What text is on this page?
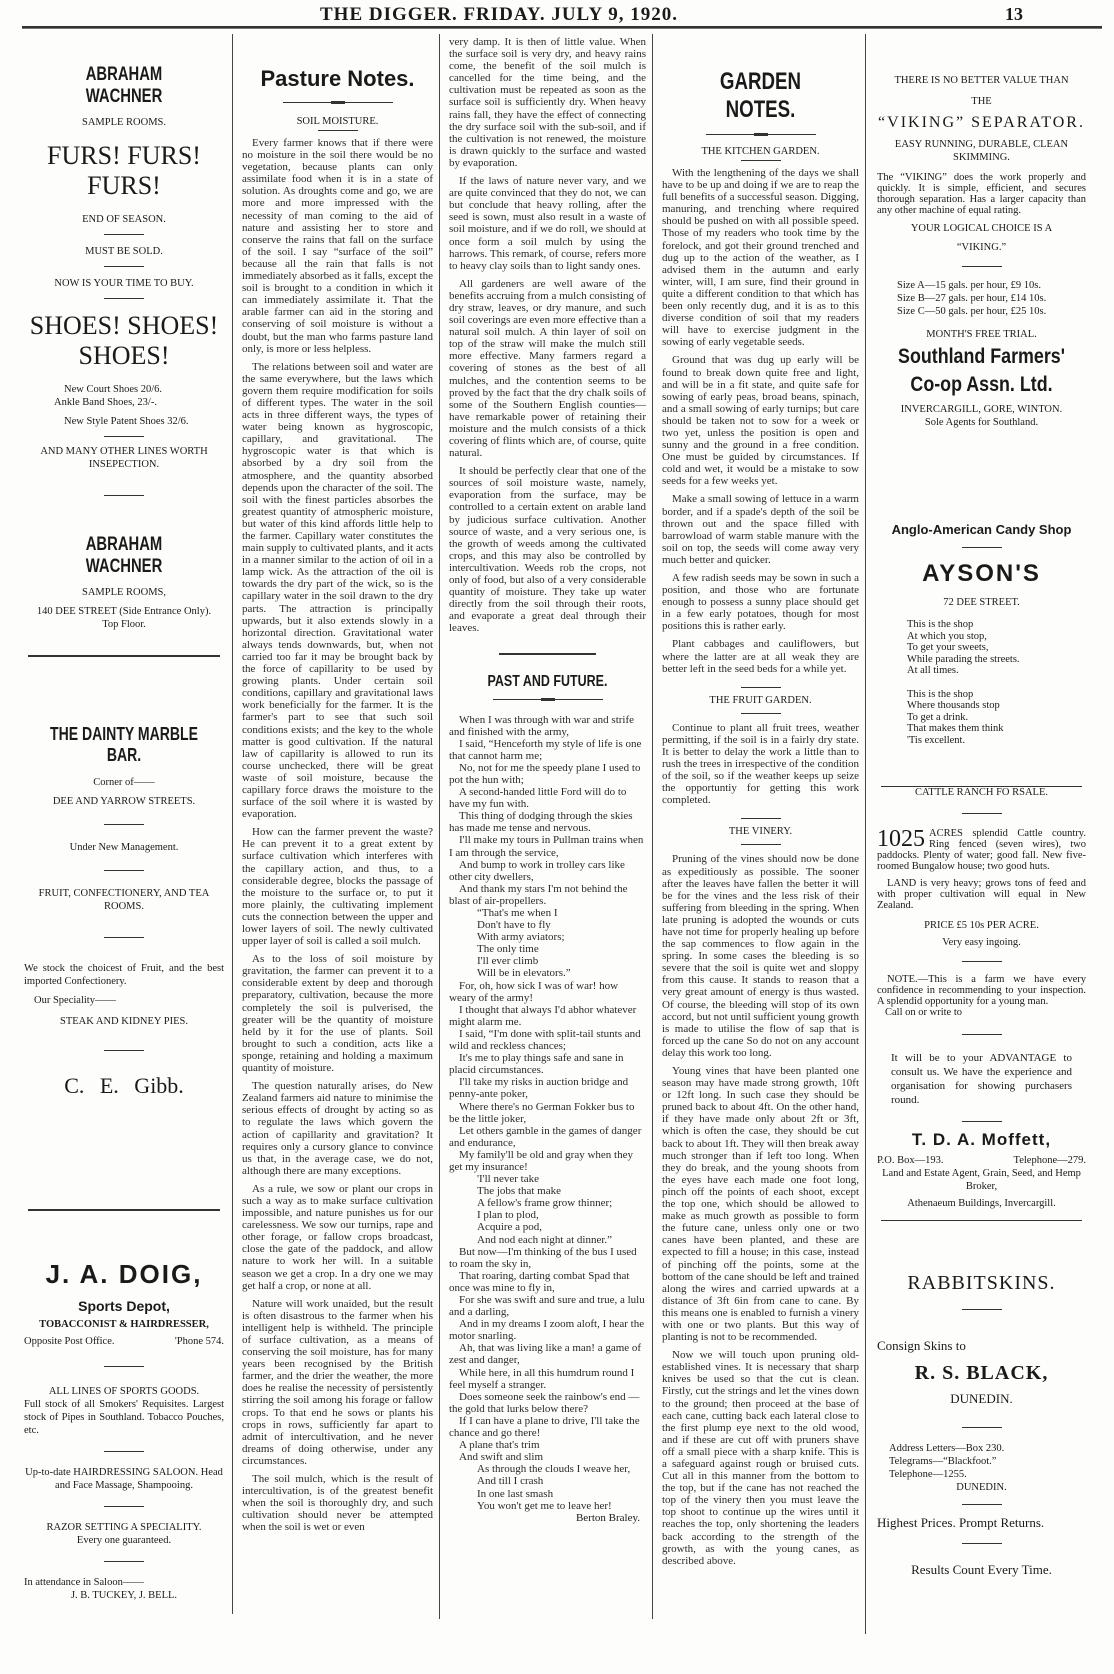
THE DIGGER. FRIDAY. JULY 9, 1920.	13
ABRAHAM WACHNER
SAMPLE ROOMS.
FURS! FURS!
FURS!
END OF SEASON.
MUST BE SOLD.
NOW IS YOUR TIME TO BUY.
SHOES! SHOES!
SHOES!
New Court Shoes 20/6.
Ankle Band Shoes, 23/-.
New Style Patent Shoes 32/6.
AND MANY OTHER LINES WORTH INSEPECTION.
ABRAHAM WACHNER
SAMPLE ROOMS,
140 DEE STREET (Side Entrance Only).
Top Floor.
THE DAINTY MARBLE BAR.
Corner of——
DEE AND YARROW STREETS.
Under New Management.
FRUIT, CONFECTIONERY, AND TEA ROOMS.
We stock the choicest of Fruit, and the best imported Confectionery.
Our Speciality——
STEAK AND KIDNEY PIES.
C. E. Gibb.
J. A. DOIG,
Sports Depot,
TOBACCONIST & HAIRDRESSER,
Opposite Post Office.	'Phone 574.
ALL LINES OF SPORTS GOODS.
Full stock of all Smokers' Requisites. Largest stock of Pipes in Southland. Tobacco Pouches, etc.
Up-to-date HAIRDRESSING SALOON. Head and Face Massage, Shampooing.
RAZOR SETTING A SPECIALITY.
Every one guaranteed.
In attendance in Saloon——
J. B. TUCKEY, J. BELL.
Pasture Notes.
SOIL MOISTURE.

Every farmer knows that if there were no moisture in the soil there would be no vegetation, because plants can only assimilate food when it is in a state of solution. As droughts come and go, we are more and more impressed with the necessity of man coming to the aid of nature and assisting her to store and conserve the rains that fall on the surface of the soil. I say “surface of the soil” because all the rain that falls is not immediately absorbed as it falls, except the soil is brought to a condition in which it can immediately assimilate it. That the arable farmer can aid in the storing and conserving of soil moisture is without a doubt, but the man who farms pasture land only, is more or less helpless.

The relations between soil and water are the same everywhere, but the laws which govern them require modification for soils of different types. The water in the soil acts in three different ways, the types of water being known as hygroscopic, capillary, and gravitational. The hygroscopic water is that which is absorbed by a dry soil from the atmosphere, and the quantity absorbed depends upon the character of the soil. The soil with the finest particles absorbes the greatest quantity of atmospheric moisture, but water of this kind affords little help to the farmer. Capillary water constitutes the main supply to cultivated plants, and it acts in a manner similar to the action of oil in a lamp wick. As the attraction of the oil is towards the dry part of the wick, so is the capillary water in the soil drawn to the dry parts. The attraction is principally upwards, but it also extends slowly in a horizontal direction. Gravitational water always tends downwards, but, when not carried too far it may be brought back by the force of capillarity to be used by growing plants. Under certain soil conditions, capillary and gravitational laws work beneficially for the farmer. It is the farmer's part to see that such soil conditions exists; and the key to the whole matter is good cultivation. If the natural law of capillarity is allowed to run its course unchecked, there will be great waste of soil moisture, because the capillary force draws the moisture to the surface of the soil where it is wasted by evaporation.

How can the farmer prevent the waste? He can prevent it to a great extent by surface cultivation which interferes with the capillary action, and thus, to a considerable degree, blocks the passage of the moisture to the surface or, to put it more plainly, the cultivating implement cuts the connection between the upper and lower layers of soil. The newly cultivated upper layer of soil is called a soil mulch.

As to the loss of soil moisture by gravitation, the farmer can prevent it to a considerable extent by deep and thorough preparatory, cultivation, because the more completely the soil is pulverised, the greater will be the quantity of moisture held by it for the use of plants. Soil brought to such a condition, acts like a sponge, retaining and holding a maximum quantity of moisture.

The question naturally arises, do New Zealand farmers aid nature to minimise the serious effects of drought by acting so as to regulate the laws which govern the action of capillarity and gravitation? It requires only a cursory glance to convince us that, in the average case, we do not, although there are many exceptions.

As a rule, we sow or plant our crops in such a way as to make surface cultivation impossible, and nature punishes us for our carelessness. We sow our turnips, rape and other forage, or fallow crops broadcast, close the gate of the paddock, and allow nature to work her will. In a suitable season we get a crop. In a dry one we may get half a crop, or none at all.

Nature will work unaided, but the result is often disastrous to the farmer when his intelligent help is withheld. The principle of surface cultivation, as a means of conserving the soil moisture, has for many years been recognised by the British farmer, and the drier the weather, the more does he realise the necessity of persistently stirring the soil among his forage or fallow crops. To that end he sows or plants his crops in rows, sufficiently far apart to admit of intercultivation, and he never dreams of doing otherwise, under any circumstances.

The soil mulch, which is the result of intercultivation, is of the greatest benefit when the soil is thoroughly dry, and such cultivation should never be attempted when the soil is wet or even

very damp. It is then of little value. When the surface soil is very dry, and heavy rains come, the benefit of the soil mulch is cancelled for the time being, and the cultivation must be repeated as soon as the surface soil is sufficiently dry. When heavy rains fall, they have the effect of connecting the dry surface soil with the sub-soil, and if the cultivation is not renewed, the moisture is drawn quickly to the surface and wasted by evaporation.

If the laws of nature never vary, and we are quite convinced that they do not, we can but conclude that heavy rolling, after the seed is sown, must also result in a waste of soil moisture, and if we do roll, we should at once form a soil mulch by using the harrows. This remark, of course, refers more to heavy clay soils than to light sandy ones.

All gardeners are well aware of the benefits accruing from a mulch consisting of dry straw, leaves, or dry manure, and such soil coverings are even more effective than a natural soil mulch. A thin layer of soil on top of the straw will make the mulch still more effective. Many farmers regard a covering of stones as the best of all mulches, and the contention seems to be proved by the fact that the dry chalk soils of some of the Southern English counties—have remarkable power of retaining their moisture and the mulch consists of a thick covering of flints which are, of course, quite natural.

It should be perfectly clear that one of the sources of soil moisture waste, namely, evaporation from the surface, may be controlled to a certain extent on arable land by judicious surface cultivation. Another source of waste, and a very serious one, is the growth of weeds among the cultivated crops, and this may also be controlled by intercultivation. Weeds rob the crops, not only of food, but also of a very considerable quantity of moisture. They take up water directly from the soil through their roots, and evaporate a great deal through their leaves.

PAST AND FUTURE.
When I was through with war and strife and finished with the army,
I said, “Henceforth my style of life is one that cannot harm me;
No, not for me the speedy plane I used to pot the hun with;
A second-handed little Ford will do to have my fun with.
This thing of dodging through the skies has made me tense and nervous.
I'll make my tours in Pullman trains when I am through the service,
And bump to work in trolley cars like other city dwellers,
And thank my stars I'm not behind the blast of air-propellers.
“That's me when I
Don't have to fly
With army aviators;
The only time
I'll ever climb
Will be in elevators.”
For, oh, how sick I was of war! how weary of the army!
I thought that always I'd abhor whatever might alarm me.
I said, “I'm done with split-tail stunts and wild and reckless chances;
It's me to play things safe and sane in placid circumstances.
I'll take my risks in auction bridge and penny-ante poker,
Where there's no German Fokker bus to be the little joker,
Let others gamble in the games of danger and endurance,
My family'll be old and gray when they get my insurance!
'I'll never take
The jobs that make
A fellow's frame grow thinner;
I plan to plod,
Acquire a pod,
And nod each night at dinner.”
But now—I'm thinking of the bus I used to roam the sky in,
That roaring, darting combat Spad that once was mine to fly in,
For she was swift and sure and true, a lulu and a darling,
And in my dreams I zoom aloft, I hear the motor snarling.
Ah, that was living like a man! a game of zest and danger,
While here, in all this humdrum round I feel myself a stranger.
Does someone seek the rainbow's end —the gold that lurks below there?
If I can have a plane to drive, I'll take the chance and go there!
A plane that's trim
And swift and slim
As through the clouds I weave her,
And till I crash
In one last smash
You won't get me to leave her!
Berton Braley.
GARDEN NOTES.
THE KITCHEN GARDEN.

With the lengthening of the days we shall have to be up and doing if we are to reap the full benefits of a successful season. Digging, manuring, and trenching where required should be pushed on with all possible speed. Those of my readers who took time by the forelock, and got their ground trenched and dug up to the action of the weather, as I advised them in the autumn and early winter, will, I am sure, find their ground in quite a different condition to that which has been only recently dug, and it is as to this diverse condition of soil that my readers will have to exercise judgment in the sowing of early vegetable seeds.

Ground that was dug up early will be found to break down quite free and light, and will be in a fit state, and quite safe for sowing of early peas, broad beans, spinach, and a small sowing of early turnips; but care should be taken not to sow for a week or two yet, unless the position is open and sunny and the ground in a free condition. One must be guided by circumstances. If cold and wet, it would be a mistake to sow seeds for a few weeks yet.

Make a small sowing of lettuce in a warm border, and if a spade's depth of the soil be thrown out and the space filled with barrowload of warm stable manure with the soil on top, the seeds will come away very much better and quicker.

A few radish seeds may be sown in such a position, and those who are fortunate enough to possess a sunny place should get in a few early potatoes, though for most positions this is rather early.

Plant cabbages and cauliflowers, but where the latter are at all weak they are better left in the seed beds for a while yet.

THE FRUIT GARDEN.

Continue to plant all fruit trees, weather permitting, if the soil is in a fairly dry state. It is better to delay the work a little than to rush the trees in irrespective of the condition of the soil, so if the weather keeps up seize the opportuntiy for getting this work completed.

THE VINERY.

Pruning of the vines should now be done as expeditiously as possible. The sooner after the leaves have fallen the better it will be for the vines and the less risk of their suffering from bleeding in the spring. When late pruning is adopted the wounds or cuts have not time for properly healing up before the sap commences to flow again in the spring. In some cases the bleeding is so severe that the soil is quite wet and sloppy from this cause. It stands to reason that a very great amount of energy is thus wasted. Of course, the bleeding will stop of its own accord, but not until sufficient young growth is made to utilise the flow of sap that is forced up the cane So do not on any account delay this work too long.

Young vines that have been planted one season may have made strong growth, 10ft or 12ft long. In such case they should be pruned back to about 4ft. On the other hand, if they have made only about 2ft or 3ft, which is often the case, they should be cut back to about 1ft. They will then break away much stronger than if left too long. When they do break, and the young shoots from the eyes have each made one foot long, pinch off the points of each shoot, except the top one, which should be allowed to make as much growth as possible to form the future cane, unless only one or two canes have been planted, and these are expected to fill a house; in this case, instead of pinching off the points, some at the bottom of the cane should be left and trained along the wires and carried upwards at a distance of 3ft 6in from cane to cane. By this means one is enabled to furnish a vinery with one or two plants. But this way of planting is not to be recommended.

Now we will touch upon pruning old-established vines. It is necessary that sharp knives be used so that the cut is clean. Firstly, cut the strings and let the vines down to the ground; then proceed at the base of each cane, cutting back each lateral close to the first plump eye next to the old wood, and if these are cut off with pruners shave off a small piece with a sharp knife. This is a safeguard against rough or bruised cuts. Cut all in this manner from the bottom to the top, but if the cane has not reached the top of the vinery then you must leave the top shoot to continue up the wires until it reaches the top, only shortening the leaders back according to the strength of the growth, as with the young canes, as described above.

THERE IS NO BETTER VALUE THAN
THE
“VIKING” SEPARATOR.
EASY RUNNING, DURABLE, CLEAN SKIMMING.
The “VIKING” does the work properly and quickly. It is simple, efficient, and secures thorough separation. Has a larger capacity than any other machine of equal rating.
YOUR LOGICAL CHOICE IS A
“VIKING.”
Size A—15 gals. per hour, £9 10s.
Size B—27 gals. per hour, £14 10s.
Size C—50 gals. per hour, £25 10s.
MONTH'S FREE TRIAL.
Southland Farmers'
Co-op Assn. Ltd.
INVERCARGILL, GORE, WINTON.
Sole Agents for Southland.
Anglo-American Candy Shop
AYSON'S
72 DEE STREET.
This is the shop
At which you stop,
To get your sweets,
While parading the streets.
At all times.
This is the shop
Where thousands stop
To get a drink.
That makes them think
'Tis excellent.
CATTLE RANCH FO RSALE.
1025 ACRES splendid Cattle country. Ring fenced (seven wires), two paddocks. Plenty of water; good fall. New five-roomed Bungalow house; two good huts.
LAND is very heavy; grows tons of feed and with proper cultivation will equal in New Zealand.
PRICE £5 10s PER ACRE.
Very easy ingoing.
NOTE.—This is a farm we have every confidence in recommending to your inspection. A splendid opportunity for a young man.
Call on or write to
It will be to your ADVANTAGE to consult us. We have the experience and organisation for showing purchasers round.
T. D. A. Moffett,
P.O. Box—193.	Telephone—279.
Land and Estate Agent, Grain, Seed, and Hemp Broker,
Athenaeum Buildings, Invercargill.
RABBITSKINS.
Consign Skins to
R. S. BLACK,
DUNEDIN.
Address Letters—Box 230.
Telegrams—“Blackfoot.”
Telephone—1255.
DUNEDIN.
Highest Prices. Prompt Returns.
Results Count Every Time.
